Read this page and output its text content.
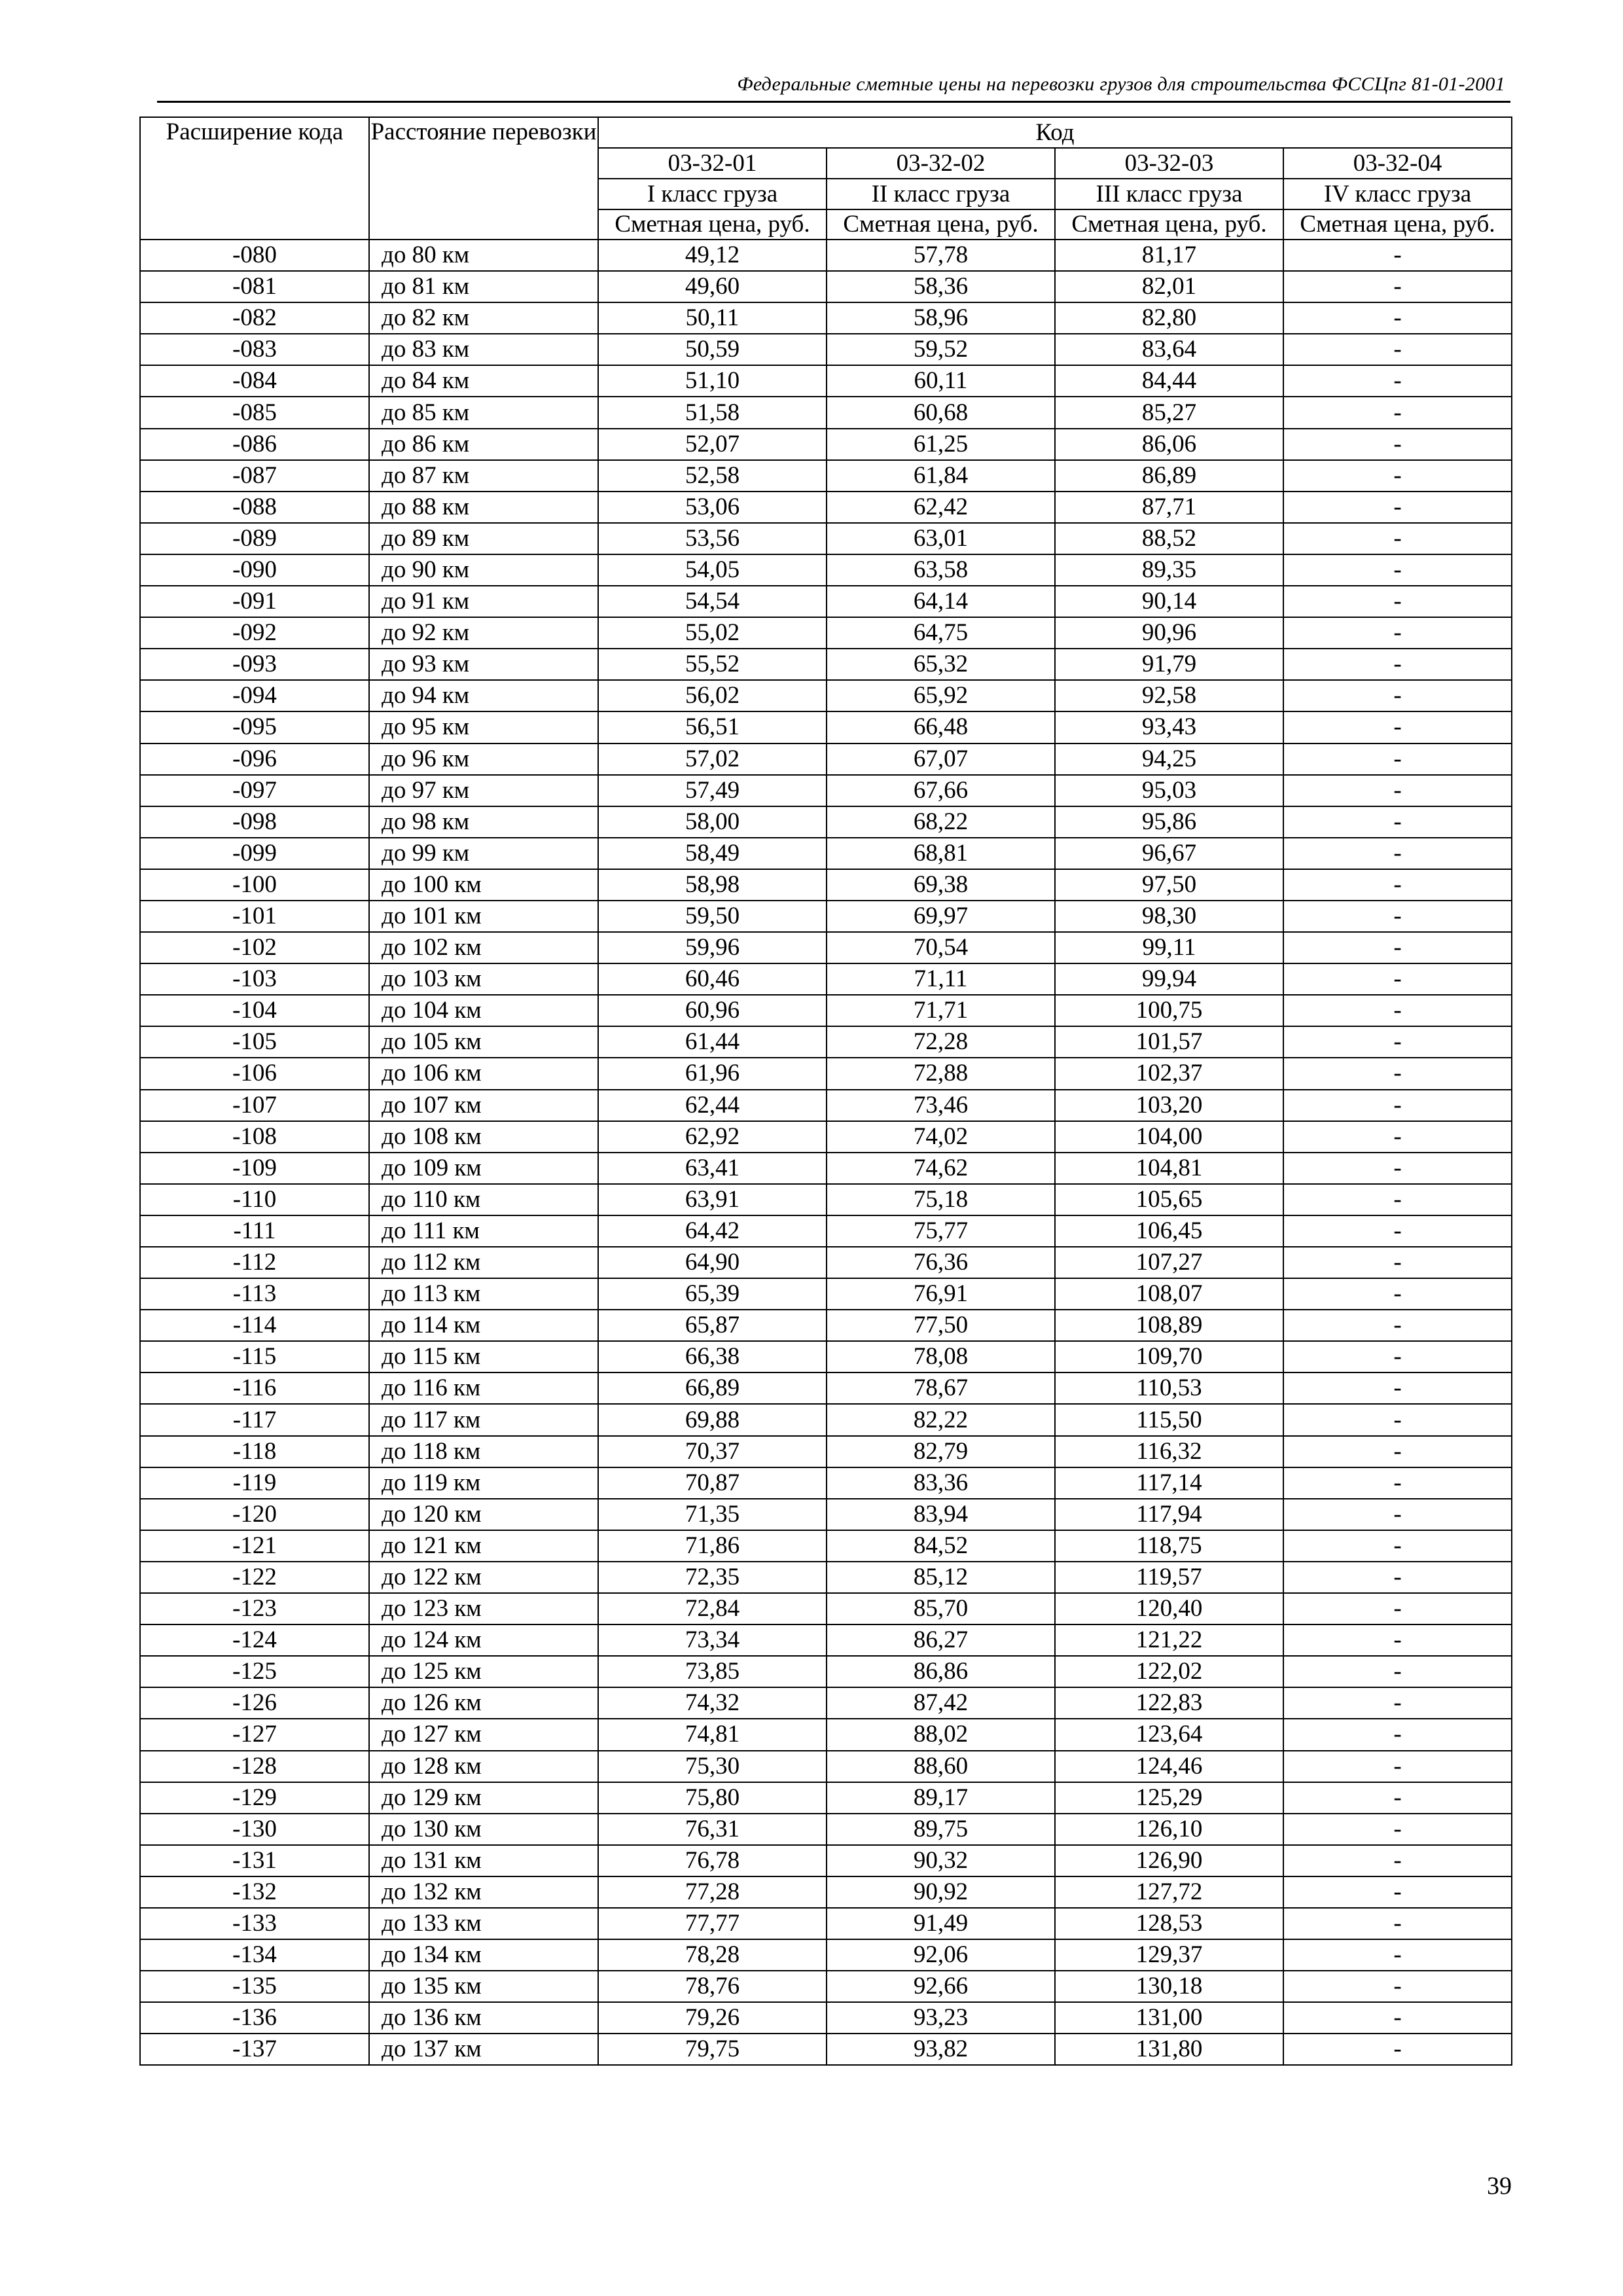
Федеральные сметные цены на перевозки грузов для строительства ФССЦпг 81-01-2001
Расширение кода	Расстояние перевозки	Код			
		03-32-01	03-32-02	03-32-03	03-32-04
		I класс груза	II класс груза	III класс груза	IV класс груза
		Сметная цена, руб.	Сметная цена, руб.	Сметная цена, руб.	Сметная цена, руб.
-080	до 80 км	49,12	57,78	81,17	-
-081	до 81 км	49,60	58,36	82,01	-
-082	до 82 км	50,11	58,96	82,80	-
-083	до 83 км	50,59	59,52	83,64	-
-084	до 84 км	51,10	60,11	84,44	-
-085	до 85 км	51,58	60,68	85,27	-
-086	до 86 км	52,07	61,25	86,06	-
-087	до 87 км	52,58	61,84	86,89	-
-088	до 88 км	53,06	62,42	87,71	-
-089	до 89 км	53,56	63,01	88,52	-
-090	до 90 км	54,05	63,58	89,35	-
-091	до 91 км	54,54	64,14	90,14	-
-092	до 92 км	55,02	64,75	90,96	-
-093	до 93 км	55,52	65,32	91,79	-
-094	до 94 км	56,02	65,92	92,58	-
-095	до 95 км	56,51	66,48	93,43	-
-096	до 96 км	57,02	67,07	94,25	-
-097	до 97 км	57,49	67,66	95,03	-
-098	до 98 км	58,00	68,22	95,86	-
-099	до 99 км	58,49	68,81	96,67	-
-100	до 100 км	58,98	69,38	97,50	-
-101	до 101 км	59,50	69,97	98,30	-
-102	до 102 км	59,96	70,54	99,11	-
-103	до 103 км	60,46	71,11	99,94	-
-104	до 104 км	60,96	71,71	100,75	-
-105	до 105 км	61,44	72,28	101,57	-
-106	до 106 км	61,96	72,88	102,37	-
-107	до 107 км	62,44	73,46	103,20	-
-108	до 108 км	62,92	74,02	104,00	-
-109	до 109 км	63,41	74,62	104,81	-
-110	до 110 км	63,91	75,18	105,65	-
-111	до 111 км	64,42	75,77	106,45	-
-112	до 112 км	64,90	76,36	107,27	-
-113	до 113 км	65,39	76,91	108,07	-
-114	до 114 км	65,87	77,50	108,89	-
-115	до 115 км	66,38	78,08	109,70	-
-116	до 116 км	66,89	78,67	110,53	-
-117	до 117 км	69,88	82,22	115,50	-
-118	до 118 км	70,37	82,79	116,32	-
-119	до 119 км	70,87	83,36	117,14	-
-120	до 120 км	71,35	83,94	117,94	-
-121	до 121 км	71,86	84,52	118,75	-
-122	до 122 км	72,35	85,12	119,57	-
-123	до 123 км	72,84	85,70	120,40	-
-124	до 124 км	73,34	86,27	121,22	-
-125	до 125 км	73,85	86,86	122,02	-
-126	до 126 км	74,32	87,42	122,83	-
-127	до 127 км	74,81	88,02	123,64	-
-128	до 128 км	75,30	88,60	124,46	-
-129	до 129 км	75,80	89,17	125,29	-
-130	до 130 км	76,31	89,75	126,10	-
-131	до 131 км	76,78	90,32	126,90	-
-132	до 132 км	77,28	90,92	127,72	-
-133	до 133 км	77,77	91,49	128,53	-
-134	до 134 км	78,28	92,06	129,37	-
-135	до 135 км	78,76	92,66	130,18	-
-136	до 136 км	79,26	93,23	131,00	-
-137	до 137 км	79,75	93,82	131,80	-
39
